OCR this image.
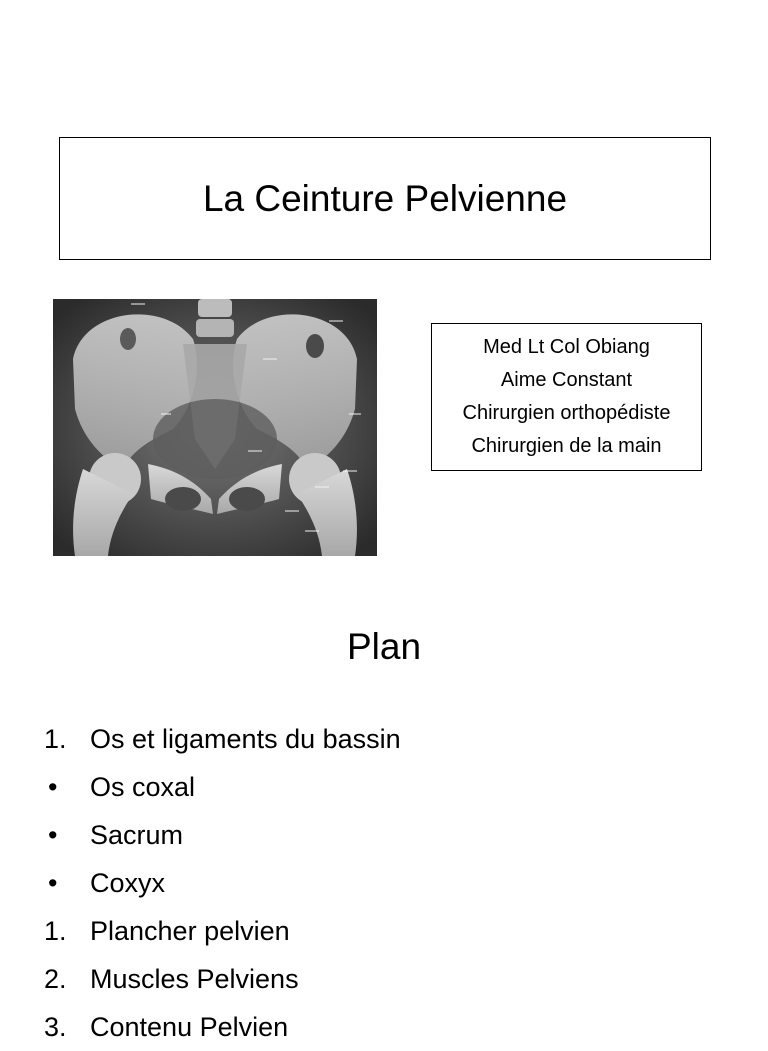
La Ceinture Pelvienne
Med Lt Col Obiang
Aime Constant
Chirurgien orthopédiste
Chirurgien de la main
Plan
1. Os et ligaments du bassin
•	Os coxal
•	Sacrum
•	Coxyx
1. Plancher pelvien
2. Muscles Pelviens
3. Contenu Pelvien
